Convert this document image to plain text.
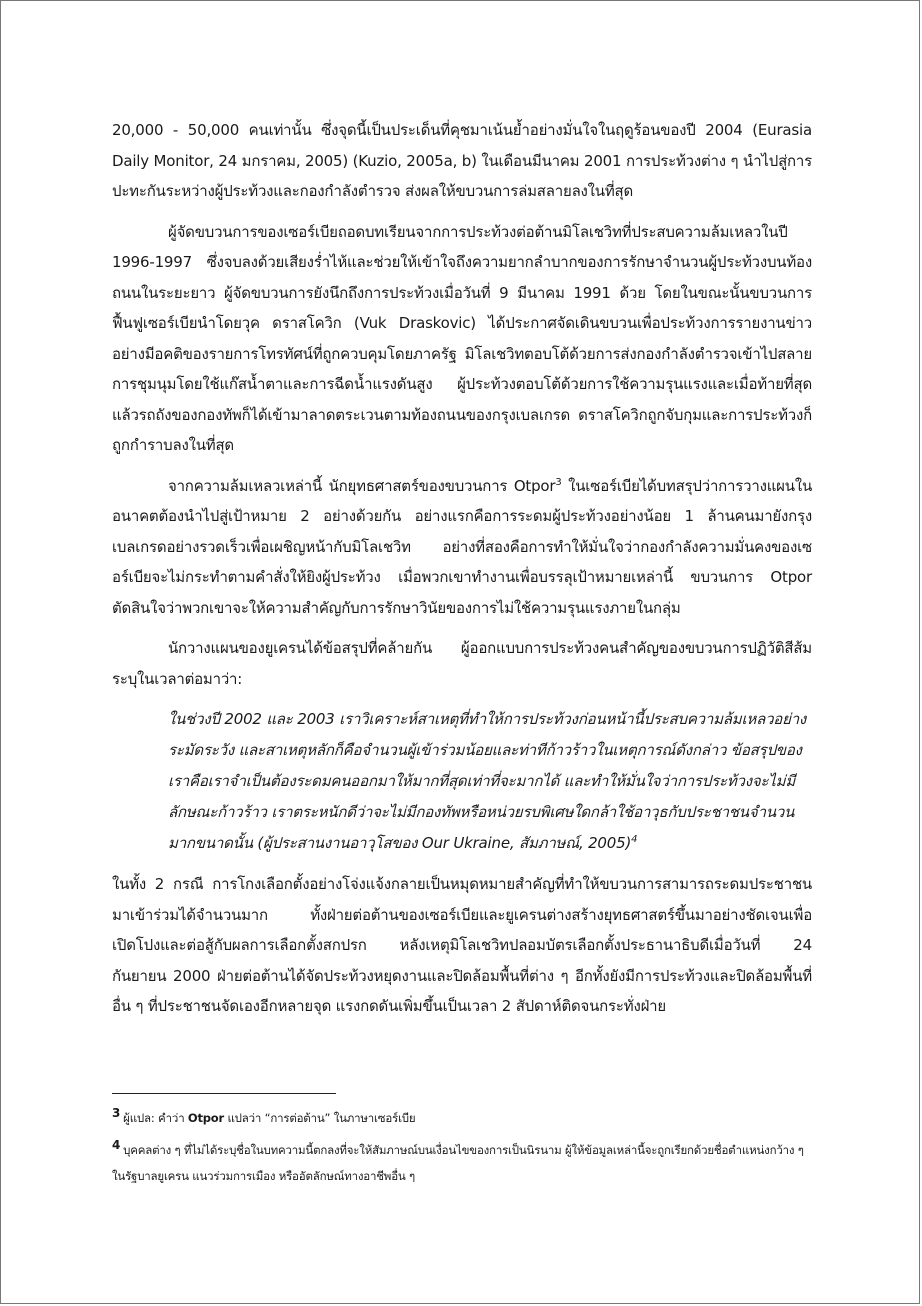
20,000 - 50,000 คนเท่านั้น ซึ่งจุดนี้เป็นประเด็นที่คุชมาเน้นย้ำอย่างมั่นใจในฤดูร้อนของปี 2004 (Eurasia Daily Monitor, 24 มกราคม, 2005) (Kuzio, 2005a, b) ในเดือนมีนาคม 2001 การประท้วงต่าง ๆ นำไปสู่การปะทะกันระหว่างผู้ประท้วงและกองกำลังตำรวจ ส่งผลให้ขบวนการล่มสลายลงในที่สุด

ผู้จัดขบวนการของเซอร์เบียถอดบทเรียนจากการประท้วงต่อต้านมิโลเชวิทที่ประสบความล้มเหลวในปี 1996-1997 ซึ่งจบลงด้วยเสียงร่ำไห้และช่วยให้เข้าใจถึงความยากลำบากของการรักษาจำนวนผู้ประท้วงบนท้องถนนในระยะยาว ผู้จัดขบวนการยังนึกถึงการประท้วงเมื่อวันที่ 9 มีนาคม 1991 ด้วย โดยในขณะนั้นขบวนการฟื้นฟูเซอร์เบียนำโดยวุค ดราสโควิก (Vuk Draskovic) ได้ประกาศจัดเดินขบวนเพื่อประท้วงการรายงานข่าวอย่างมีอคติของรายการโทรทัศน์ที่ถูกควบคุมโดยภาครัฐ มิโลเชวิทตอบโต้ด้วยการส่งกองกำลังตำรวจเข้าไปสลายการชุมนุมโดยใช้แก๊สน้ำตาและการฉีดน้ำแรงดันสูง ผู้ประท้วงตอบโต้ด้วยการใช้ความรุนแรงและเมื่อท้ายที่สุดแล้วรถถังของกองทัพก็ได้เข้ามาลาดตระเวนตามท้องถนนของกรุงเบลเกรด ดราสโควิกถูกจับกุมและการประท้วงก็ถูกกำราบลงในที่สุด

จากความล้มเหลวเหล่านี้ นักยุทธศาสตร์ของขบวนการ Otpor$^3$ ในเซอร์เบียได้บทสรุปว่าการวางแผนในอนาคตต้องนำไปสู่เป้าหมาย 2 อย่างด้วยกัน อย่างแรกคือการระดมผู้ประท้วงอย่างน้อย 1 ล้านคนมายังกรุงเบลเกรดอย่างรวดเร็วเพื่อเผชิญหน้ากับมิโลเชวิท อย่างที่สองคือการทำให้มั่นใจว่ากองกำลังความมั่นคงของเซอร์เบียจะไม่กระทำตามคำสั่งให้ยิงผู้ประท้วง เมื่อพวกเขาทำงานเพื่อบรรลุเป้าหมายเหล่านี้ ขบวนการ Otpor ตัดสินใจว่าพวกเขาจะให้ความสำคัญกับการรักษาวินัยของการไม่ใช้ความรุนแรงภายในกลุ่ม

นักวางแผนของยูเครนได้ข้อสรุปที่คล้ายกัน ผู้ออกแบบการประท้วงคนสำคัญของขบวนการปฏิวัติสีส้มระบุในเวลาต่อมาว่า:

ในช่วงปี 2002 และ 2003 เราวิเคราะห์สาเหตุที่ทำให้การประท้วงก่อนหน้านี้ประสบความล้มเหลวอย่างระมัดระวัง และสาเหตุหลักก็คือจำนวนผู้เข้าร่วมน้อยและท่าทีก้าวร้าวในเหตุการณ์ดังกล่าว ข้อสรุปของเราคือเราจำเป็นต้องระดมคนออกมาให้มากที่สุดเท่าที่จะมากได้ และทำให้มั่นใจว่าการประท้วงจะไม่มีลักษณะก้าวร้าว เราตระหนักดีว่าจะไม่มีกองทัพหรือหน่วยรบพิเศษใดกล้าใช้อาวุธกับประชาชนจำนวนมากขนาดนั้น (ผู้ประสานงานอาวุโสของ Our Ukraine, สัมภาษณ์, 2005)$^4$

ในทั้ง 2 กรณี การโกงเลือกตั้งอย่างโจ่งแจ้งกลายเป็นหมุดหมายสำคัญที่ทำให้ขบวนการสามารถระดมประชาชนมาเข้าร่วมได้จำนวนมาก ทั้งฝ่ายต่อต้านของเซอร์เบียและยูเครนต่างสร้างยุทธศาสตร์ขึ้นมาอย่างชัดเจนเพื่อเปิดโปงและต่อสู้กับผลการเลือกตั้งสกปรก หลังเหตุมิโลเชวิทปลอมบัตรเลือกตั้งประธานาธิบดีเมื่อวันที่ 24 กันยายน 2000 ฝ่ายต่อต้านได้จัดประท้วงหยุดงานและปิดล้อมพื้นที่ต่าง ๆ อีกทั้งยังมีการประท้วงและปิดล้อมพื้นที่อื่น ๆ ที่ประชาชนจัดเองอีกหลายจุด แรงกดดันเพิ่มขึ้นเป็นเวลา 2 สัปดาห์ติดจนกระทั่งฝ่าย

3 ผู้แปล: คำว่า Otpor แปลว่า “การต่อต้าน” ในภาษาเซอร์เบีย

4 บุคคลต่าง ๆ ที่ไม่ได้ระบุชื่อในบทความนี้ตกลงที่จะให้สัมภาษณ์บนเงื่อนไขของการเป็นนิรนาม ผู้ให้ข้อมูลเหล่านี้จะถูกเรียกด้วยชื่อตำแหน่งกว้าง ๆ ในรัฐบาลยูเครน แนวร่วมการเมือง หรืออัตลักษณ์ทางอาชีพอื่น ๆ
